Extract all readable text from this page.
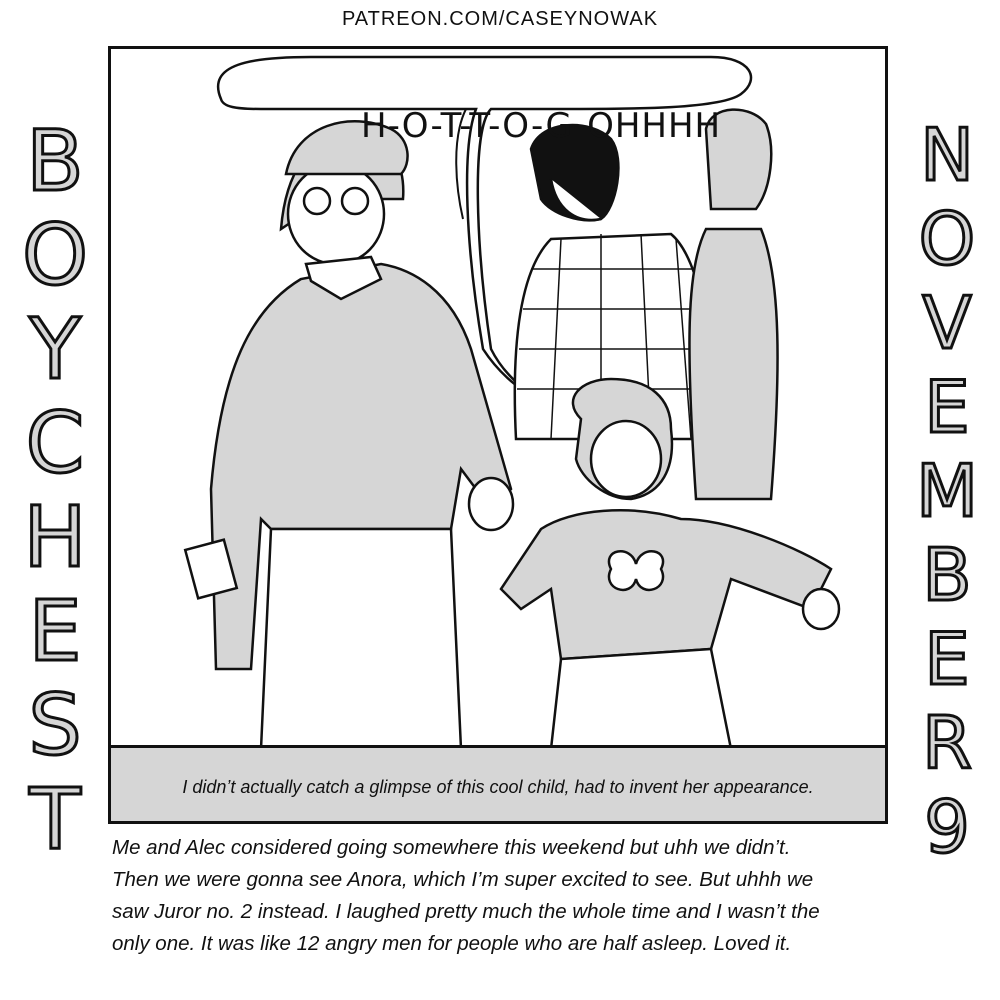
PATREON.COM/CASEYNOWAK
B
O
Y
C
H
E
S
T
N
O
V
E
M
B
E
R
9
H-O-T-T-O-G-OHHHH
I didn’t actually catch a glimpse of this cool child, had to invent her appearance.

Me and Alec considered going somewhere this weekend but uhh we didn’t.

Then we were gonna see Anora, which I’m super excited to see. But uhhh we

saw Juror no. 2 instead. I laughed pretty much the whole time and I wasn’t the

only one. It was like 12 angry men for people who are half asleep. Loved it.
